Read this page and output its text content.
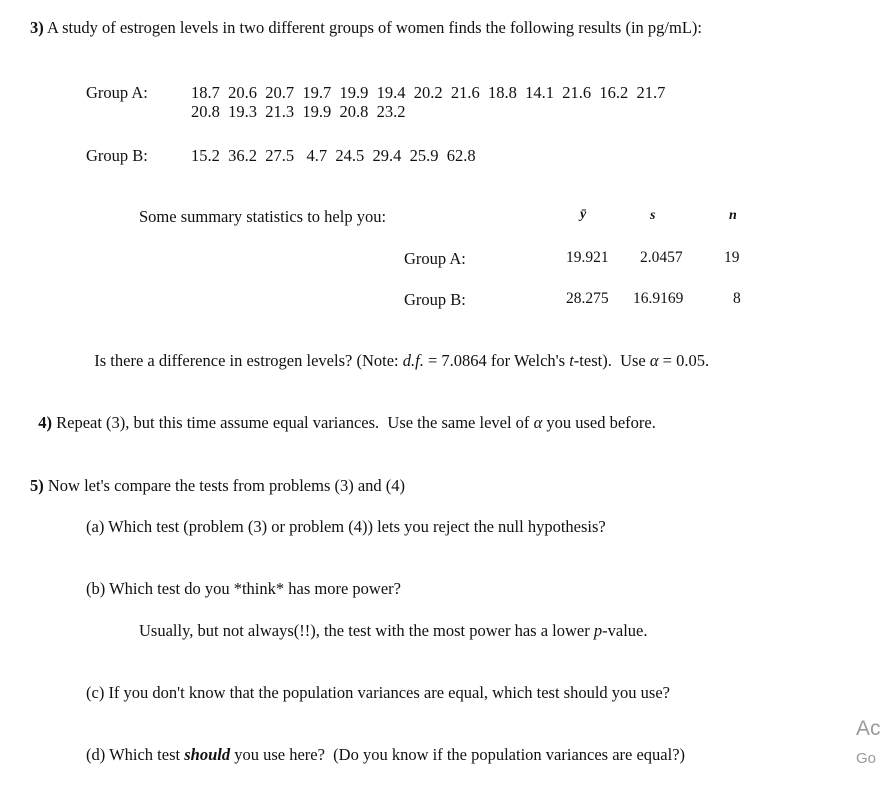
3) A study of estrogen levels in two different groups of women finds the following results (in pg/mL):
Group A:	18.7  20.6  20.7  19.7  19.9  19.4  20.2  21.6  18.8  14.1  21.6  16.2  21.7
20.8  19.3  21.3  19.9  20.8  23.2
Group B:	15.2  36.2  27.5   4.7  24.5  29.4  25.9  62.8
Some summary statistics to help you:	ȳ	s	n
Group A:	19.921 2.0457	19
Group B:	28.275 16.9169	8

Is there a difference in estrogen levels? (Note: d.f. = 7.0864 for Welch's t-test).  Use α = 0.05.

4) Repeat (3), but this time assume equal variances.  Use the same level of α you used before.

5) Now let's compare the tests from problems (3) and (4)
(a) Which test (problem (3) or problem (4)) lets you reject the null hypothesis?
(b) Which test do you *think* has more power?
Usually, but not always(!!), the test with the most power has a lower p-value.
(c) If you don't know that the population variances are equal, which test should you use?
(d) Which test should you use here?  (Do you know if the population variances are equal?)
Ac
Go
